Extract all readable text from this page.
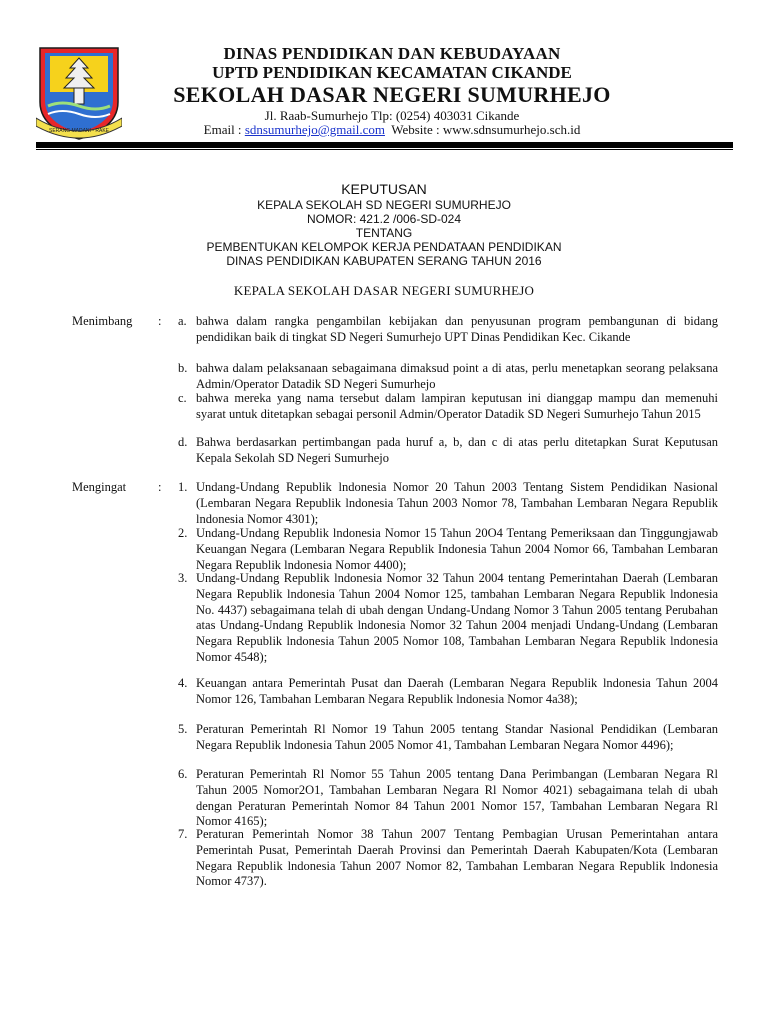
SERANG MADANI - RAKE
DINAS PENDIDIKAN DAN KEBUDAYAAN
UPTD PENDIDIKAN KECAMATAN CIKANDE
SEKOLAH DASAR NEGERI SUMURHEJO
Jl. Raab-Sumurhejo Tlp: (0254) 403031 Cikande
Email : sdnsumurhejo@gmail.com  Website : www.sdnsumurhejo.sch.id
KEPUTUSAN
KEPALA SEKOLAH SD NEGERI SUMURHEJO
NOMOR: 421.2 /006-SD-024
TENTANG
PEMBENTUKAN KELOMPOK KERJA PENDATAAN PENDIDIKAN
DINAS PENDIDIKAN KABUPATEN SERANG TAHUN 2016
KEPALA SEKOLAH DASAR NEGERI SUMURHEJO
Menimbang : a. bahwa dalam rangka pengambilan kebijakan dan penyusunan program pembangunan di bidang pendidikan baik di tingkat SD Negeri Sumurhejo UPT Dinas Pendidikan Kec. Cikande
b. bahwa dalam pelaksanaan sebagaimana dimaksud point a di atas, perlu menetapkan seorang pelaksana Admin/Operator Datadik SD Negeri Sumurhejo
c. bahwa mereka yang nama tersebut dalam lampiran keputusan ini dianggap mampu dan memenuhi syarat untuk ditetapkan sebagai personil Admin/Operator Datadik SD Negeri Sumurhejo Tahun 2015
d. Bahwa berdasarkan pertimbangan pada huruf a, b, dan c di atas perlu ditetapkan Surat Keputusan Kepala Sekolah SD Negeri Sumurhejo
Mengingat	: 1. Undang-Undang Republik lndonesia Nomor 20 Tahun 2003 Tentang Sistem Pendidikan Nasional (Lembaran Negara Republik lndonesia Tahun 2003 Nomor 78, Tambahan Lembaran Negara Republik lndonesia Nomor 4301);
2. Undang-Undang Republik lndonesia Nomor 15 Tahun 20O4 Tentang Pemeriksaan dan Tinggungjawab Keuangan Negara (Lembaran Negara Republik Indonesia Tahun 2004 Nomor 66, Tambahan Lembaran Negara Republik lndonesia Nomor 4400);
3. Undang-Undang Republik lndonesia Nomor 32 Tahun 2004 tentang Pemerintahan Daerah (Lembaran Negara Republik lndonesia Tahun 2004 Nomor 125, tambahan Lembaran Negara Republik lndonesia No. 4437) sebagaimana telah di ubah dengan Undang-Undang Nomor 3 Tahun 2005 tentang Perubahan atas Undang-Undang Republik lndonesia Nomor 32 Tahun 2004 menjadi Undang-Undang (Lembaran Negara Republik lndonesia Tahun 2005 Nomor 108, Tambahan Lembaran Negara Republik lndonesia Nomor 4548);
4. Keuangan antara Pemerintah Pusat dan Daerah (Lembaran Negara Republik lndonesia Tahun 2004 Nomor 126, Tambahan Lembaran Negara Republik lndonesia Nomor 4a38);
5. Peraturan Pemerintah Rl Nomor 19 Tahun 2005 tentang Standar Nasional Pendidikan (Lembaran Negara Republik lndonesia Tahun 2005 Nomor 41, Tambahan Lembaran Negara Nomor 4496);
6. Peraturan Pemerintah Rl Nomor 55 Tahun 2005 tentang Dana Perimbangan (Lembaran Negara Rl Tahun 2005 Nomor2O1, Tambahan Lembaran Negara Rl Nomor 4021) sebagaimana telah di ubah dengan Peraturan Pemerintah Nomor 84 Tahun 2001 Nomor 157, Tambahan Lembaran Negara Rl Nomor 4165);
7. Peraturan Pemerintah Nomor 38 Tahun 2007 Tentang Pembagian Urusan Pemerintahan antara Pemerintah Pusat, Pemerintah Daerah Provinsi dan Pemerintah Daerah Kabupaten/Kota (Lembaran Negara Republik lndonesia Tahun 2007 Nomor 82, Tambahan Lembaran Negara Republik lndonesia Nomor 4737).
